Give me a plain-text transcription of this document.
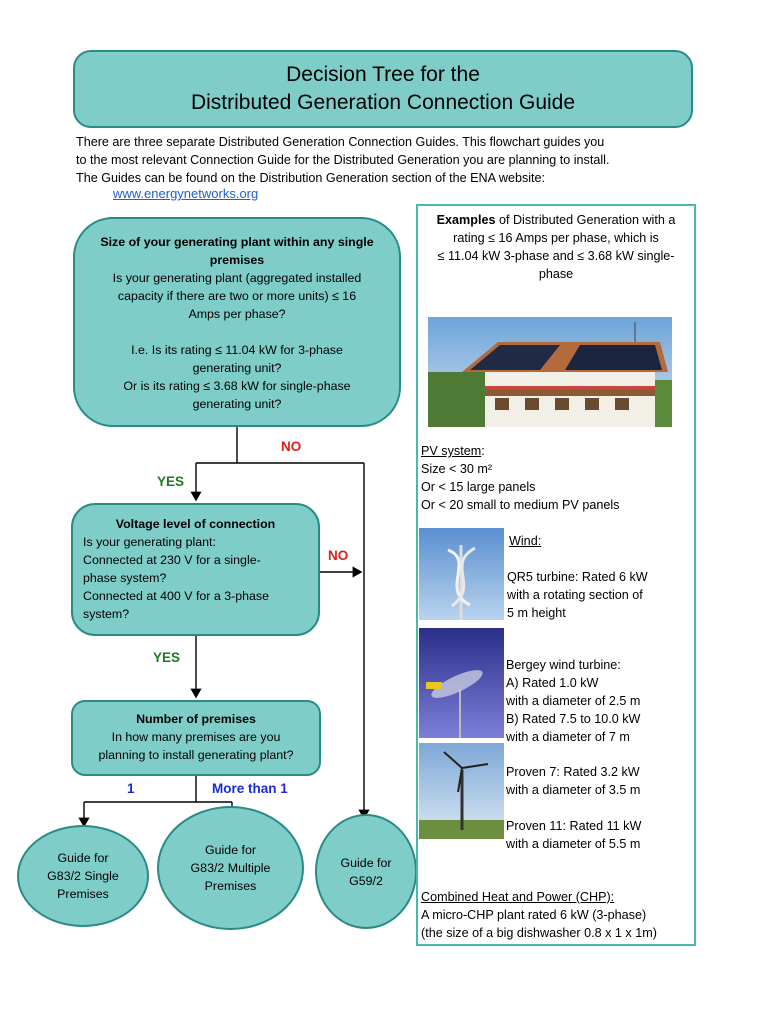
Decision Tree for the
Distributed Generation Connection Guide
There are three separate Distributed Generation Connection Guides. This flowchart guides you
to the most relevant Connection Guide for the Distributed Generation you are planning to install.
The Guides can be found on the Distribution Generation section of the ENA website:
www.energynetworks.org
NO
YES
NO
YES
1	More than 1
Size of your generating plant within any single
premises
Is your generating plant (aggregated installed
capacity if there are two or more units) ≤ 16
Amps per phase?
I.e. Is its rating ≤ 11.04 kW for 3-phase
generating unit?
Or is its rating ≤ 3.68 kW for single-phase
generating unit?
Voltage level of connection
Is your generating plant:
Connected at 230 V for a single-
phase system?
Connected at 400 V for a 3-phase
system?
Number of premises
In how many premises are you
planning to install generating plant?
Guide for
G83/2 Single
Premises
Guide for
G83/2 Multiple
Premises
Guide for
G59/2
Examples of Distributed Generation with a
rating ≤ 16 Amps per phase, which is
≤ 11.04 kW 3-phase and ≤ 3.68 kW single-
phase
PV system:
Size < 30 m²
Or < 15 large panels
Or < 20 small to medium PV panels
Wind:
QR5 turbine: Rated 6 kW
with a rotating section of
5 m height
Bergey wind turbine:
A) Rated 1.0 kW
with a diameter of 2.5 m
B) Rated 7.5 to 10.0 kW
with a diameter of 7 m
Proven 7: Rated 3.2 kW
with a diameter of 3.5 m
Proven 11: Rated 11 kW
with a diameter of 5.5 m
Combined Heat and Power (CHP):
A micro-CHP plant rated 6 kW (3-phase)
(the size of a big dishwasher 0.8 x 1 x 1m)
